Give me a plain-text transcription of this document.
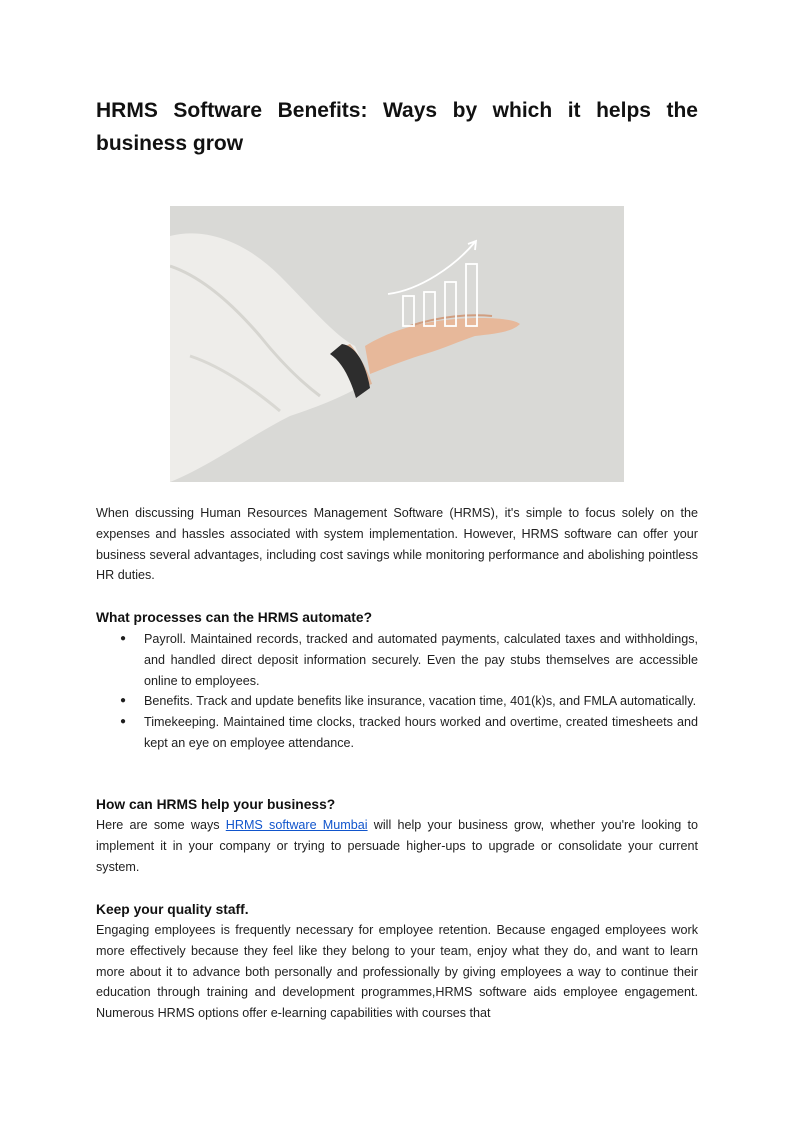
HRMS Software Benefits: Ways by which it helps the business grow

When discussing Human Resources Management Software (HRMS), it's simple to focus solely on the expenses and hassles associated with system implementation. However, HRMS software can offer your business several advantages, including cost savings while monitoring performance and abolishing pointless HR duties.

What processes can the HRMS automate?
● Payroll. Maintained records, tracked and automated payments, calculated taxes and withholdings, and handled direct deposit information securely. Even the pay stubs themselves are accessible online to employees.
● Benefits. Track and update benefits like insurance, vacation time, 401(k)s, and FMLA automatically.
● Timekeeping. Maintained time clocks, tracked hours worked and overtime, created timesheets and kept an eye on employee attendance.
How can HRMS help your business?

Here are some ways HRMS software Mumbai will help your business grow, whether you're looking to implement it in your company or trying to persuade higher-ups to upgrade or consolidate your current system.

Keep your quality staff.

Engaging employees is frequently necessary for employee retention. Because engaged employees work more effectively because they feel like they belong to your team, enjoy what they do, and want to learn more about it to advance both personally and professionally by giving employees a way to continue their education through training and development programmes,HRMS software aids employee engagement. Numerous HRMS options offer e-learning capabilities with courses that
